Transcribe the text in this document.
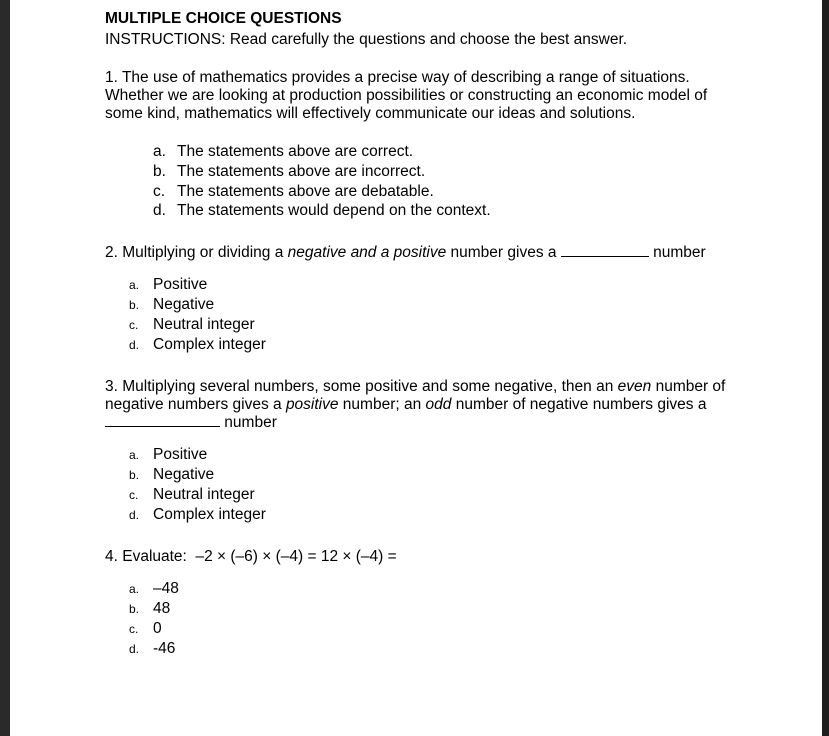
MULTIPLE CHOICE QUESTIONS

INSTRUCTIONS: Read carefully the questions and choose the best answer.

1. The use of mathematics provides a precise way of describing a range of situations. Whether we are looking at production possibilities or constructing an economic model of some kind, mathematics will effectively communicate our ideas and solutions.

a. The statements above are correct.
b. The statements above are incorrect.
c. The statements above are debatable.
d. The statements would depend on the context.

2. Multiplying or dividing a negative and a positive number gives a	number

a. Positive
b. Negative
c. Neutral integer
d. Complex integer

3. Multiplying several numbers, some positive and some negative, then an even number of negative numbers gives a positive number; an odd number of negative numbers gives a  number

a. Positive
b. Negative
c. Neutral integer
d. Complex integer

4. Evaluate: –2 × (–6) × (–4) = 12 × (–4) =

a. –48
b. 48
c. 0
d. -46
